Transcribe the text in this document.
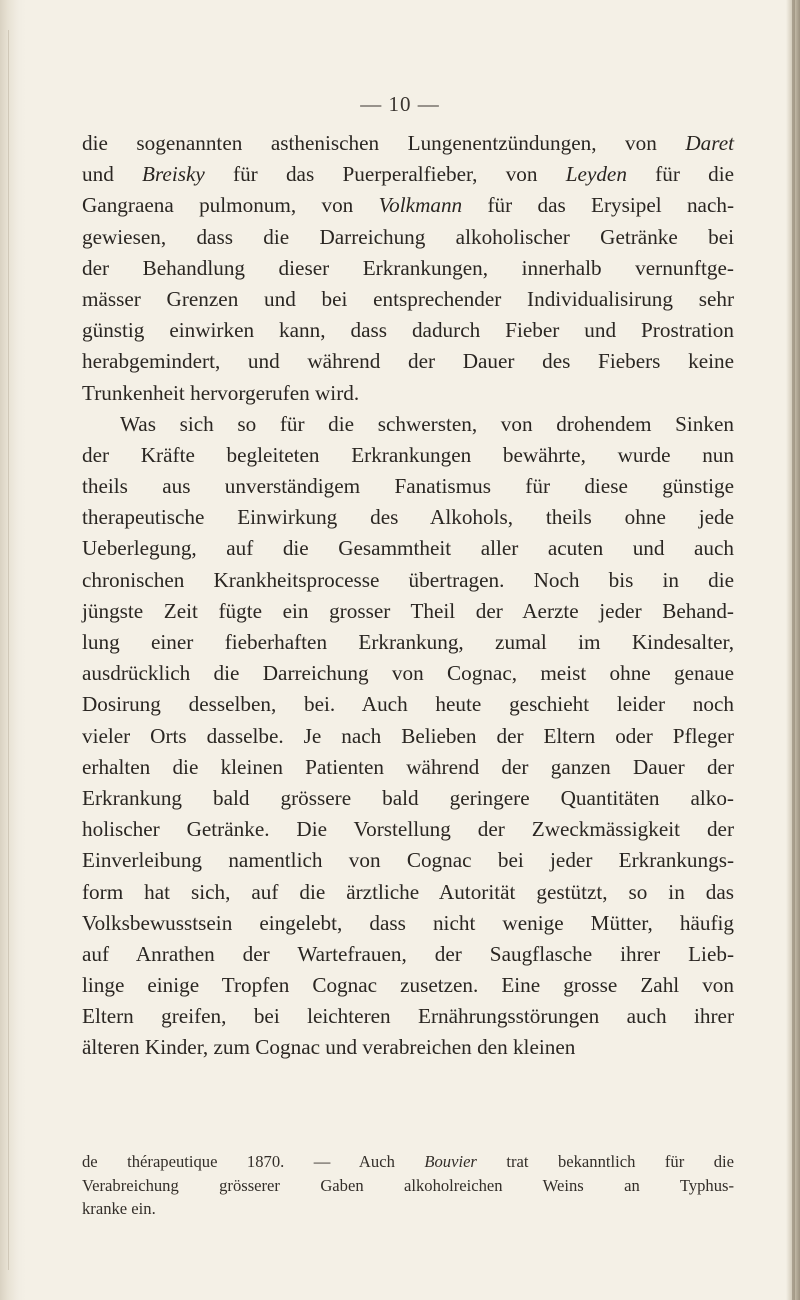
— 10 —
die sogenannten asthenischen Lungenentzündungen, von Daret
und Breisky für das Puerperalfieber, von Leyden für die
Gangraena pulmonum, von Volkmann für das Erysipel nach-
gewiesen, dass die Darreichung alkoholischer Getränke bei
der Behandlung dieser Erkrankungen, innerhalb vernunftge-
mässer Grenzen und bei entsprechender Individualisirung sehr
günstig einwirken kann, dass dadurch Fieber und Prostration
herabgemindert, und während der Dauer des Fiebers keine
Trunkenheit hervorgerufen wird.
Was sich so für die schwersten, von drohendem Sinken
der Kräfte begleiteten Erkrankungen bewährte, wurde nun
theils aus unverständigem Fanatismus für diese günstige
therapeutische Einwirkung des Alkohols, theils ohne jede
Ueberlegung, auf die Gesammtheit aller acuten und auch
chronischen Krankheitsprocesse übertragen. Noch bis in die
jüngste Zeit fügte ein grosser Theil der Aerzte jeder Behand-
lung einer fieberhaften Erkrankung, zumal im Kindesalter,
ausdrücklich die Darreichung von Cognac, meist ohne genaue
Dosirung desselben, bei. Auch heute geschieht leider noch
vieler Orts dasselbe. Je nach Belieben der Eltern oder Pfleger
erhalten die kleinen Patienten während der ganzen Dauer der
Erkrankung bald grössere bald geringere Quantitäten alko-
holischer Getränke. Die Vorstellung der Zweckmässigkeit der
Einverleibung namentlich von Cognac bei jeder Erkrankungs-
form hat sich, auf die ärztliche Autorität gestützt, so in das
Volksbewusstsein eingelebt, dass nicht wenige Mütter, häufig
auf Anrathen der Wartefrauen, der Saugflasche ihrer Lieb-
linge einige Tropfen Cognac zusetzen. Eine grosse Zahl von
Eltern greifen, bei leichteren Ernährungsstörungen auch ihrer
älteren Kinder, zum Cognac und verabreichen den kleinen
de thérapeutique 1870. — Auch Bouvier trat bekanntlich für die
Verabreichung grösserer Gaben alkoholreichen Weins an Typhus-
kranke ein.
